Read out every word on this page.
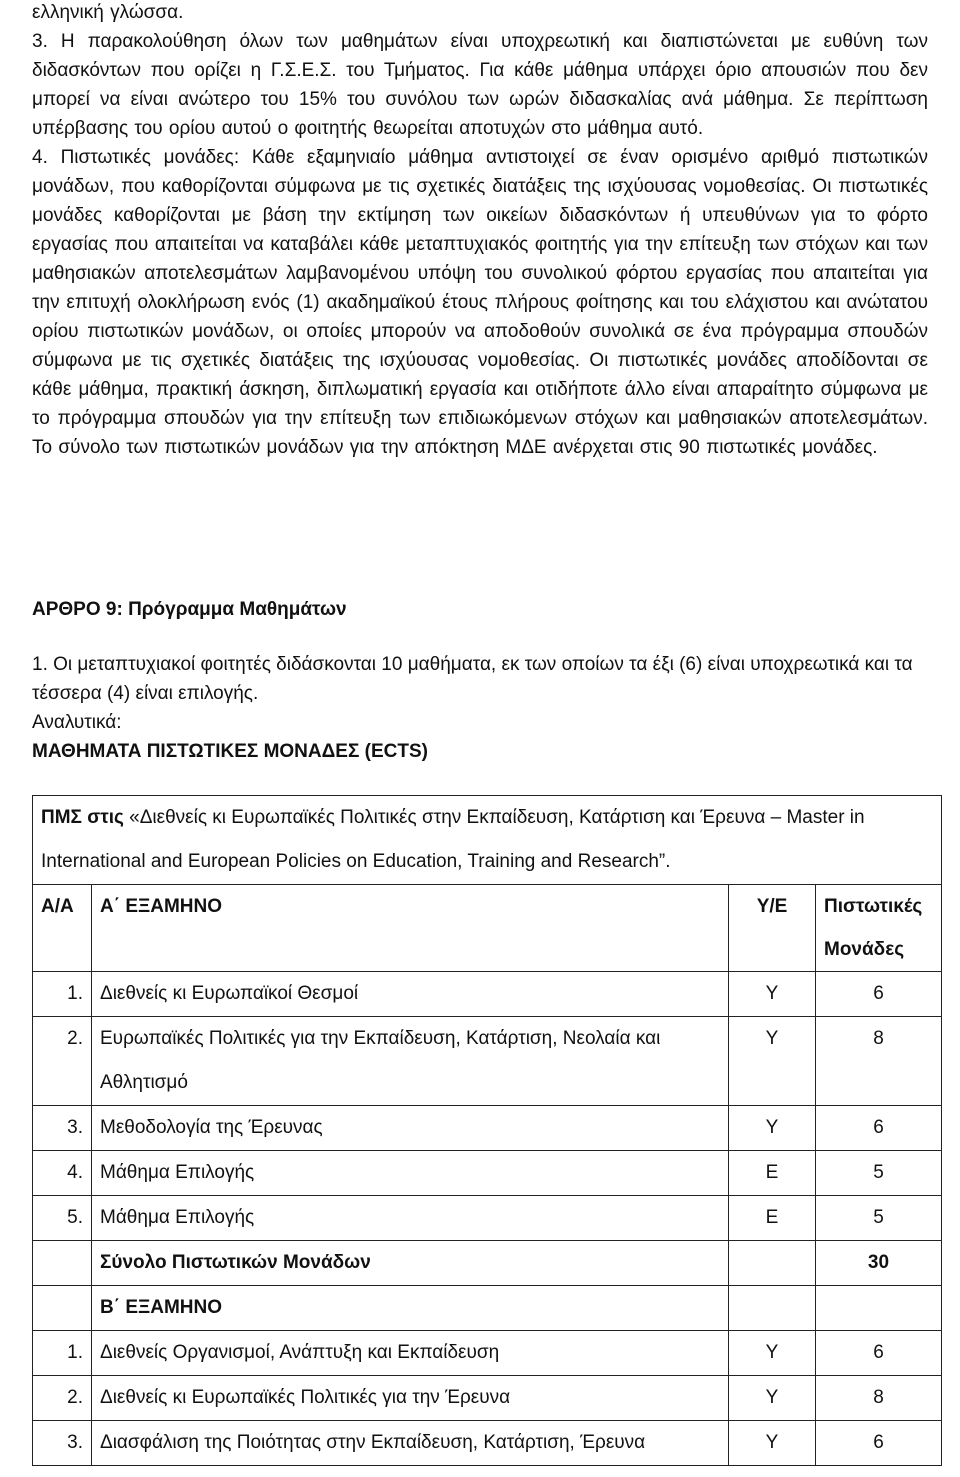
ελληνική γλώσσα.

3. Η παρακολούθηση όλων των μαθημάτων είναι υποχρεωτική και διαπιστώνεται με ευθύνη των διδασκόντων που ορίζει η Γ.Σ.Ε.Σ. του Τμήματος. Για κάθε μάθημα υπάρχει όριο απουσιών που δεν μπορεί να είναι ανώτερο του 15% του συνόλου των ωρών διδασκαλίας ανά μάθημα. Σε περίπτωση υπέρβασης του ορίου αυτού ο φοιτητής θεωρείται αποτυχών στο μάθημα αυτό.

4. Πιστωτικές μονάδες: Κάθε εξαμηνιαίο μάθημα αντιστοιχεί σε έναν ορισμένο αριθμό πιστωτικών μονάδων, που καθορίζονται σύμφωνα με τις σχετικές διατάξεις της ισχύουσας νομοθεσίας. Οι πιστωτικές μονάδες καθορίζονται με βάση την εκτίμηση των οικείων διδασκόντων ή υπευθύνων για το φόρτο εργασίας που απαιτείται να καταβάλει κάθε μεταπτυχιακός φοιτητής για την επίτευξη των στόχων και των μαθησιακών αποτελεσμάτων λαμβανομένου υπόψη του συνολικού φόρτου εργασίας που απαιτείται για την επιτυχή ολοκλήρωση ενός (1) ακαδημαϊκού έτους πλήρους φοίτησης και του ελάχιστου και ανώτατου ορίου πιστωτικών μονάδων, οι οποίες μπορούν να αποδοθούν συνολικά σε ένα πρόγραμμα σπουδών σύμφωνα με τις σχετικές διατάξεις της ισχύουσας νομοθεσίας. Οι πιστωτικές μονάδες αποδίδονται σε κάθε μάθημα, πρακτική άσκηση, διπλωματική εργασία και οτιδήποτε άλλο είναι απαραίτητο σύμφωνα με το πρόγραμμα σπουδών για την επίτευξη των επιδιωκόμενων στόχων και μαθησιακών αποτελεσμάτων. Το σύνολο των πιστωτικών μονάδων για την απόκτηση ΜΔΕ ανέρχεται στις 90 πιστωτικές μονάδες.

ΑΡΘΡΟ 9: Πρόγραμμα Μαθημάτων

1. Οι μεταπτυχιακοί φοιτητές διδάσκονται 10 μαθήματα, εκ των οποίων τα έξι (6) είναι υποχρεωτικά και τα τέσσερα (4) είναι επιλογής.

Αναλυτικά:

ΜΑΘΗΜΑΤΑ ΠΙΣΤΩΤΙΚΕΣ ΜΟΝΑΔΕΣ (ECTS)

ΠΜΣ στις «Διεθνείς κι Ευρωπαϊκές Πολιτικές στην Εκπαίδευση, Κατάρτιση και Έρευνα – Master in International and European Policies on Education, Training and Research”.			
Α/Α	Α΄ ΕΞΑΜΗΝΟ	Υ/Ε	Πιστωτικές Μονάδες
1.	Διεθνείς κι Ευρωπαϊκοί Θεσμοί	Υ	6
2.	Ευρωπαϊκές Πολιτικές για την Εκπαίδευση, Κατάρτιση, Νεολαία και Αθλητισμό	Υ	8
3.	Μεθοδολογία της Έρευνας	Υ	6
4.	Μάθημα Επιλογής	Ε	5
5.	Μάθημα Επιλογής	Ε	5
	Σύνολο Πιστωτικών Μονάδων		30
	Β΄ ΕΞΑΜΗΝΟ		
1.	Διεθνείς Οργανισμοί, Ανάπτυξη και Εκπαίδευση	Υ	6
2.	Διεθνείς κι Ευρωπαϊκές Πολιτικές για την Έρευνα	Υ	8
3.	Διασφάλιση της Ποιότητας στην Εκπαίδευση, Κατάρτιση, Έρευνα	Υ	6
